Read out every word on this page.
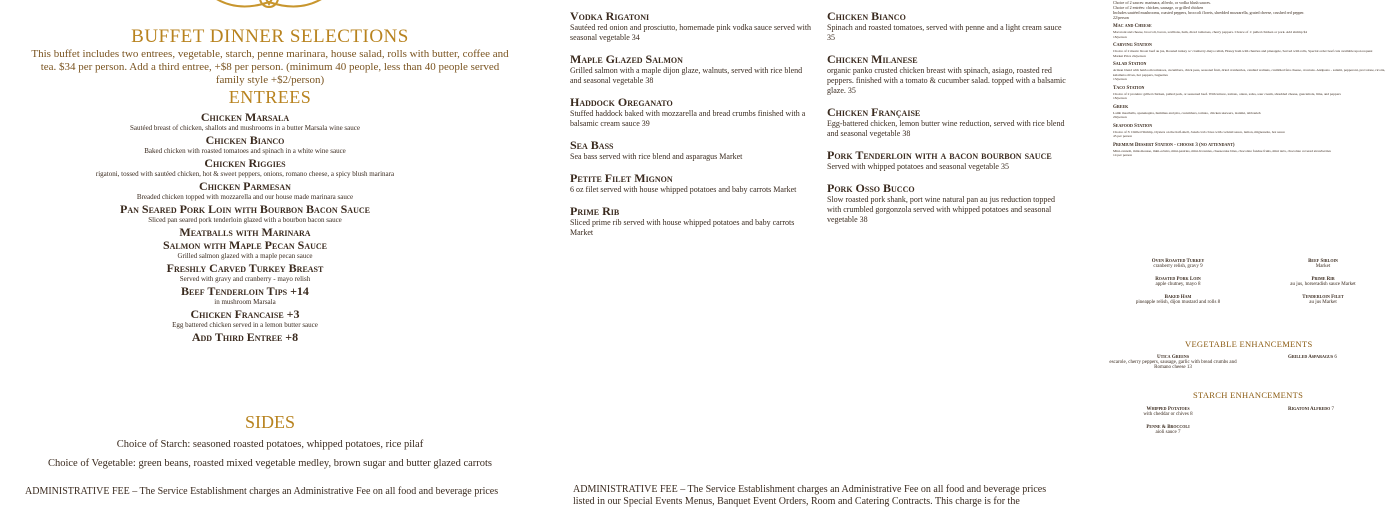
BUFFET DINNER SELECTIONS
This buffet includes two entrees, vegetable, starch, penne marinara, house salad, rolls with butter, coffee and tea. $34 per person. Add a third entree, +$8 per person. (minimum 40 people, less than 40 people served family style +$2/person)
ENTREES
Chicken Marsala
Sautéed breast of chicken, shallots and mushrooms in a butter Marsala wine sauce
Chicken Bianco
Baked chicken with roasted tomatoes and spinach in a white wine sauce
Chicken Riggies
rigatoni, tossed with sautéed chicken, hot & sweet peppers, onions, romano cheese, a spicy blush marinara
Chicken Parmesan
Breaded chicken topped with mozzarella and our house made marinara sauce
Pan Seared Pork Loin with Bourbon Bacon Sauce
Sliced pan seared pork tenderloin glazed with a bourbon bacon sauce
Meatballs with Marinara
Salmon with Maple Pecan Sauce
Grilled salmon glazed with a maple pecan sauce
Freshly Carved Turkey Breast
Served with gravy and cranberry - mayo relish
Beef Tenderloin Tips +14
in mushroom Marsala
Chicken Francaise +3
Egg battered chicken served in a lemon butter sauce
Add Third Entree +8
SIDES
Choice of Starch: seasoned roasted potatoes, whipped potatoes, rice pilaf
Choice of Vegetable: green beans, roasted mixed vegetable medley, brown sugar and butter glazed carrots
ADMINISTRATIVE FEE – The Service Establishment charges an Administrative Fee on all food and beverage prices
Vodka Rigatoni
Sautéed red onion and prosciutto, homemade pink vodka sauce served with seasonal vegetable 34
Maple Glazed Salmon
Grilled salmon with a maple dijon glaze, walnuts, served with rice blend and seasonal vegetable 38
Haddock Oreganato
Stuffed haddock baked with mozzarella and bread crumbs finished with a balsamic cream sauce 39
Sea Bass
Sea bass served with rice blend and asparagus Market
Petite Filet Mignon
6 oz filet served with house whipped potatoes and baby carrots Market
Prime Rib
Sliced prime rib served with house whipped potatoes and baby carrots Market
ADMINISTRATIVE FEE – The Service Establishment charges an Administrative Fee on all food and beverage prices listed in our Special Events Menus, Banquet Event Orders, Room and Catering Contracts. This charge is for the
Chicken Bianco
Spinach and roasted tomatoes, served with penne and a light cream sauce 35
Chicken Milanese
organic panko crusted chicken breast with spinach, asiago, roasted red peppers. finished with a tomato & cucumber salad. topped with a balsamic glaze. 35
Chicken Française
Egg-battered chicken, lemon butter wine reduction, served with rice blend and seasonal vegetable 38
Pork Tenderloin with a bacon bourbon sauce
Served with whipped potatoes and seasonal vegetable 35
Pork Osso Bucco
Slow roasted pork shank, port wine natural pan au jus reduction topped with crumbled gorgonzola served with whipped potatoes and seasonal vegetable 38
Choice of 2 sauces: marinara, alfredo, or vodka blush sauces.
Choice of 2 entrées: chicken, sausage, or grilled chicken
Includes sautéed mushrooms, roasted peppers, broccoli florets, shredded mozzarella, grated cheese, crushed red pepper.
22/person
Mac and Cheese
Macaroni and cheese, broccoli, bacon, scallions, ham, diced tomatoes, cherry peppers. Choice of 1: pulled chicken or pork. Add shrimp $4
18/person
Carving Station
Choice of 2 meats: Roast beef au jus, Roasted turkey w/ cranberry-mayo relish, Honey ham with cherries and pineapple, Served with rolls, Special order beef cuts available upon request
Market Price 24/person
Salad Station
Artisan blend with heirloom tomatoes, cucumbers, chick peas, seasonal fruit, dried cranberries, candied walnuts, crumbled feta cheese, croutons. Antipasto - salami, pepperoni, provolone, ricotta, kalamata olives, hot peppers, baguettes
13/person
Taco Station
Choice of 2 proteins: grilled chicken, pulled pork, or seasoned beef. With lettuce, tomato, onion, salsa, sour cream, shredded cheese, guacamole, lime, and peppers
18/person
Greek
Lamb meatballs, spanakopita, hummus and pita, cucumbers, tomato, chicken skewers, tzatziki, tabbouleh
20/person
Seafood Station
Choice of 3: Chilled Shrimp, Oysters on the half-shell, Jonah crab claws with cocktail sauce, lemon, mignonette, hot sauce
45 per person
Premium Dessert Station - choose 3 (no attendant)
Mini-cannoli, mini-mousse, mini-eclairs, mini-pastries, mini-brownies, cheesecake bites, chocolate fondue fruits, mini tarts, chocolate covered strawberries
14 per person
Oven Roasted Turkey
cranberry relish, gravy 9
Roasted Pork Loin
apple chutney, mayo 8
Baked Ham
pineapple relish, dijon mustard and rolls 8
Beef Sirloin
Market
Prime Rib
au jus, horseradish sauce Market
Tenderloin Filet
au jus Market
VEGETABLE ENHANCEMENTS
Utica Greens
escarole, cherry peppers, sausage, garlic with bread crumbs and Romano cheese 13
Grilled Asparagus 6
STARCH ENHANCEMENTS
Whipped Potatoes
with cheddar or chives 8
Penne & Broccoli
aioli sauce 7
Rigatoni Alfredo 7
